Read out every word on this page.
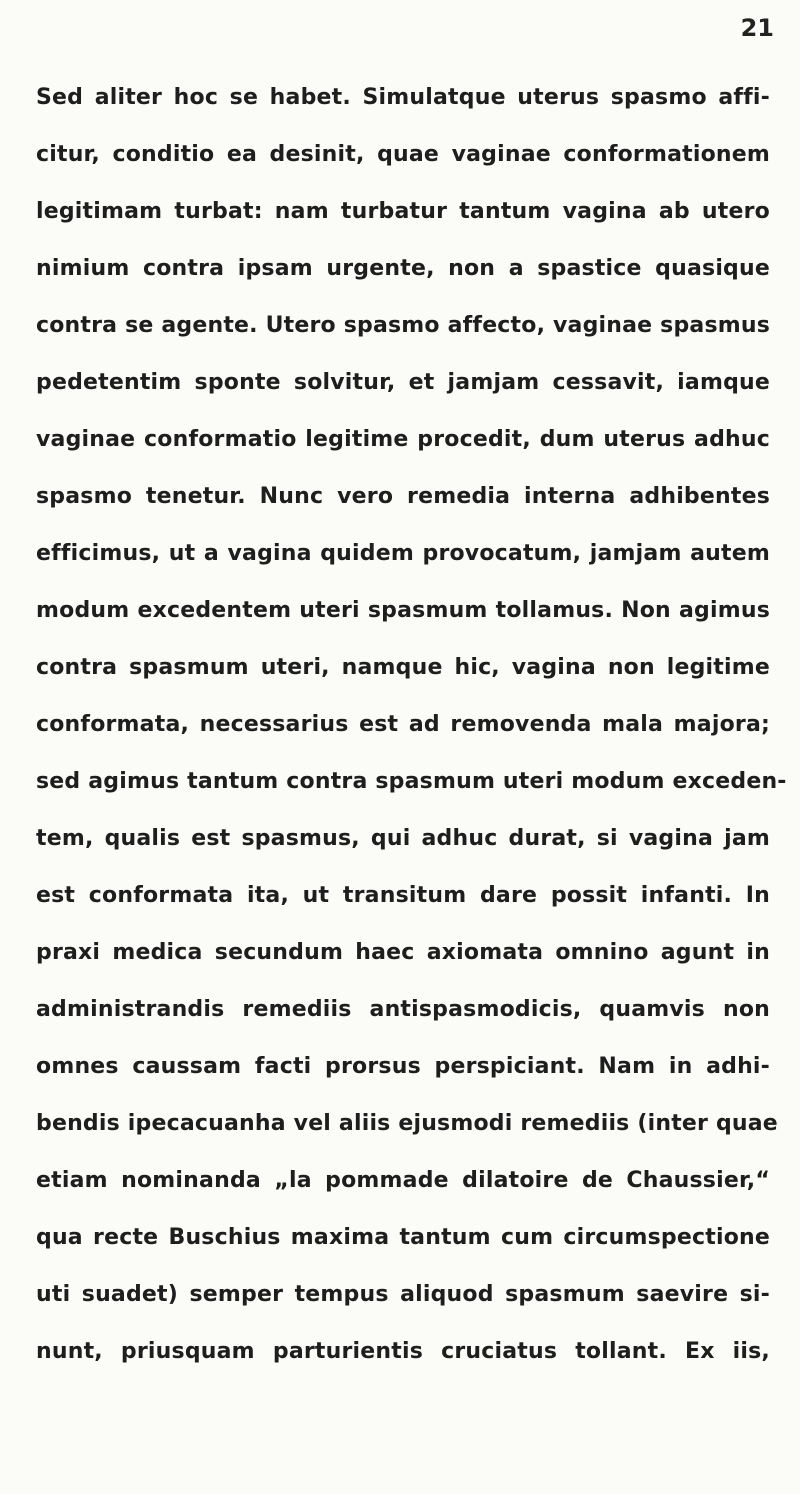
21
Sed aliter hoc se habet. Simulatque uterus spasmo affi-
citur, conditio ea desinit, quae vaginae conformationem
legitimam turbat: nam turbatur tantum vagina ab utero
nimium contra ipsam urgente, non a spastice quasique
contra se agente. Utero spasmo affecto, vaginae spasmus
pedetentim sponte solvitur, et jamjam cessavit, iamque
vaginae conformatio legitime procedit, dum uterus adhuc
spasmo tenetur. Nunc vero remedia interna adhibentes
efficimus, ut a vagina quidem provocatum, jamjam autem
modum excedentem uteri spasmum tollamus. Non agimus
contra spasmum uteri, namque hic, vagina non legitime
conformata, necessarius est ad removenda mala majora;
sed agimus tantum contra spasmum uteri modum exceden-
tem, qualis est spasmus, qui adhuc durat, si vagina jam
est conformata ita, ut transitum dare possit infanti. In
praxi medica secundum haec axiomata omnino agunt in
administrandis remediis antispasmodicis, quamvis non
omnes caussam facti prorsus perspiciant. Nam in adhi-
bendis ipecacuanha vel aliis ejusmodi remediis (inter quae
etiam nominanda „la pommade dilatoire de Chaussier,“
qua recte Buschius maxima tantum cum circumspectione
uti suadet) semper tempus aliquod spasmum saevire si-
nunt, priusquam parturientis cruciatus tollant. Ex iis,
